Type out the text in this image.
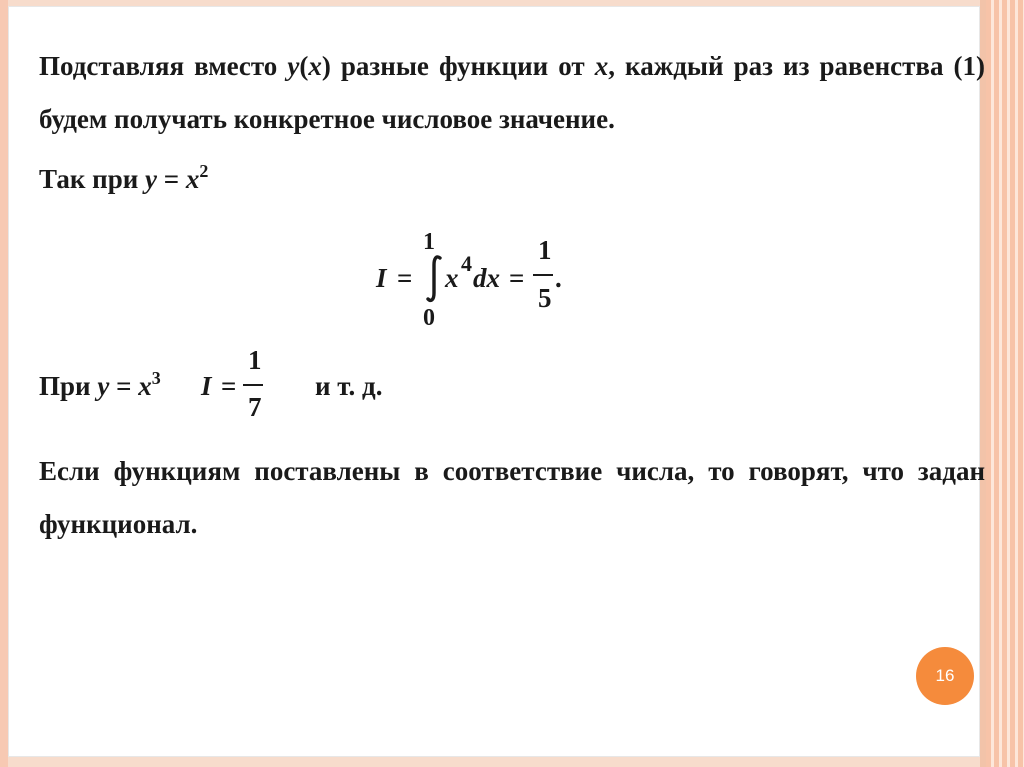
Подставляя вместо y(x) разные функции от x, каждый раз из равенства (1) будем получать конкретное числовое значение.

Так при $y = x^2$
I =
1
0
x 4 dx =
1
5
.
При $y = x^3$ I =
1
7
и т. д.

Если функциям поставлены в соответствие числа, то говорят, что задан функционал.

16
